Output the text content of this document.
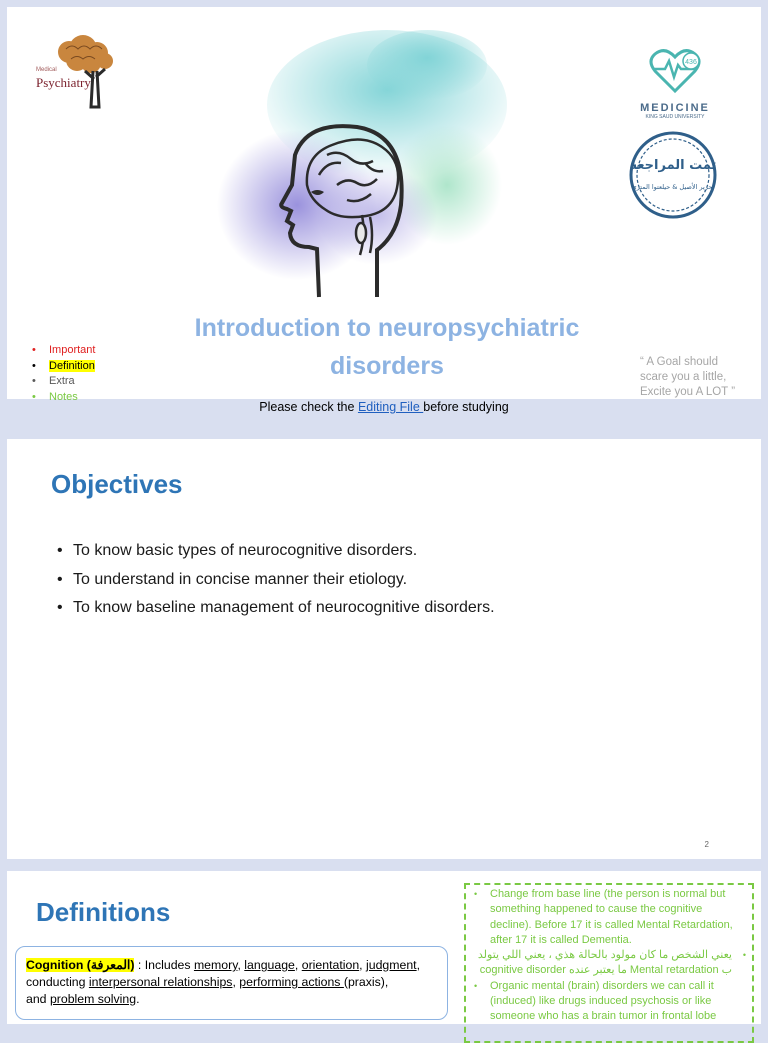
Medical
Psychiatry
436
MEDICINE
KING SAUD UNIVERSITY
تمت المراجعة
تحرير الأصيل & حيلعتوا المتري
• Important
• Definition
• Extra
• Notes
Introduction to neuropsychiatric
disorders	“ A Goal should
scare you a little,
Excite you A LOT ”
Please check the Editing File before studying
Objectives
• To know basic types of neurocognitive disorders.
• To understand in concise manner their etiology.
• To know baseline management of neurocognitive disorders.
2
Definitions
Cognition (المعرفة) : Includes memory, language, orientation, judgment,
conducting interpersonal relationships, performing actions (praxis),
and problem solving.
• Change from base line (the person is normal but something happened to cause the cognitive decline). Before 17 it is called Mental Retardation, after 17 it is called Dementia.
•
يعني الشخص ما كان مولود بالحالة هذي ، يعني اللي يتولد ب Mental retardation ما يعتبر عنده cognitive disorder
• Organic mental (brain) disorders we can call it (induced) like drugs induced psychosis or like someone who has a brain tumor in frontal lobe
